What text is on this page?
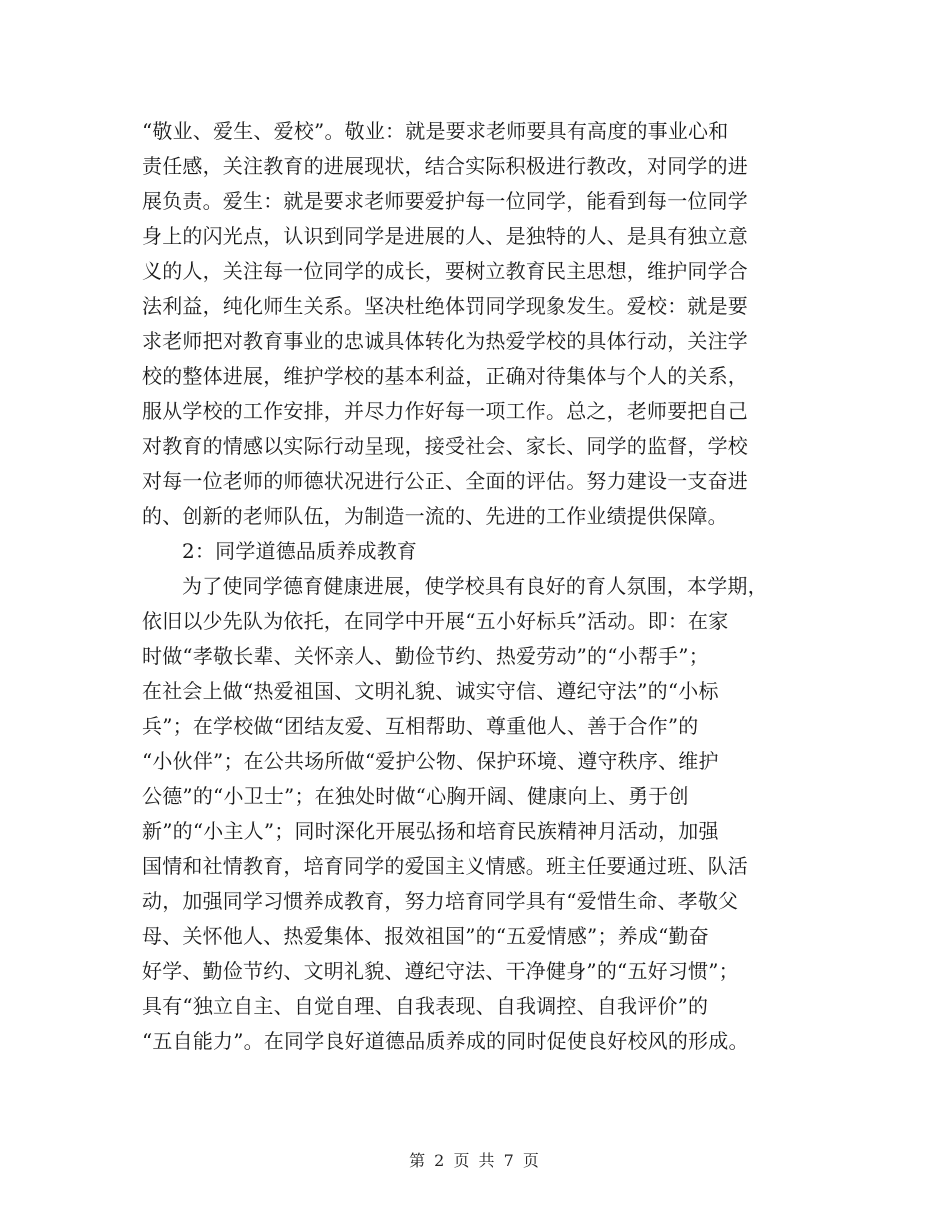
“敬业、爱生、爱校”。敬业：就是要求老师要具有高度的事业心和
责任感，关注教育的进展现状，结合实际积极进行教改，对同学的进
展负责。爱生：就是要求老师要爱护每一位同学，能看到每一位同学
身上的闪光点，认识到同学是进展的人、是独特的人、是具有独立意
义的人，关注每一位同学的成长，要树立教育民主思想，维护同学合
法利益，纯化师生关系。坚决杜绝体罚同学现象发生。爱校：就是要
求老师把对教育事业的忠诚具体转化为热爱学校的具体行动，关注学
校的整体进展，维护学校的基本利益，正确对待集体与个人的关系，
服从学校的工作安排，并尽力作好每一项工作。总之，老师要把自己
对教育的情感以实际行动呈现，接受社会、家长、同学的监督，学校
对每一位老师的师德状况进行公正、全面的评估。努力建设一支奋进
的、创新的老师队伍，为制造一流的、先进的工作业绩提供保障。
2：同学道德品质养成教育
为了使同学德育健康进展，使学校具有良好的育人氛围，本学期，
依旧以少先队为依托，在同学中开展“五小好标兵”活动。即：在家
时做“孝敬长辈、关怀亲人、勤俭节约、热爱劳动”的“小帮手”；
在社会上做“热爱祖国、文明礼貌、诚实守信、遵纪守法”的“小标
兵”；在学校做“团结友爱、互相帮助、尊重他人、善于合作”的
“小伙伴”；在公共场所做“爱护公物、保护环境、遵守秩序、维护
公德”的“小卫士”；在独处时做“心胸开阔、健康向上、勇于创
新”的“小主人”；同时深化开展弘扬和培育民族精神月活动，加强
国情和社情教育，培育同学的爱国主义情感。班主任要通过班、队活
动，加强同学习惯养成教育，努力培育同学具有“爱惜生命、孝敬父
母、关怀他人、热爱集体、报效祖国”的“五爱情感”；养成“勤奋
好学、勤俭节约、文明礼貌、遵纪守法、干净健身”的“五好习惯”；
具有“独立自主、自觉自理、自我表现、自我调控、自我评价”的
“五自能力”。在同学良好道德品质养成的同时促使良好校风的形成。
第 2 页 共 7 页
